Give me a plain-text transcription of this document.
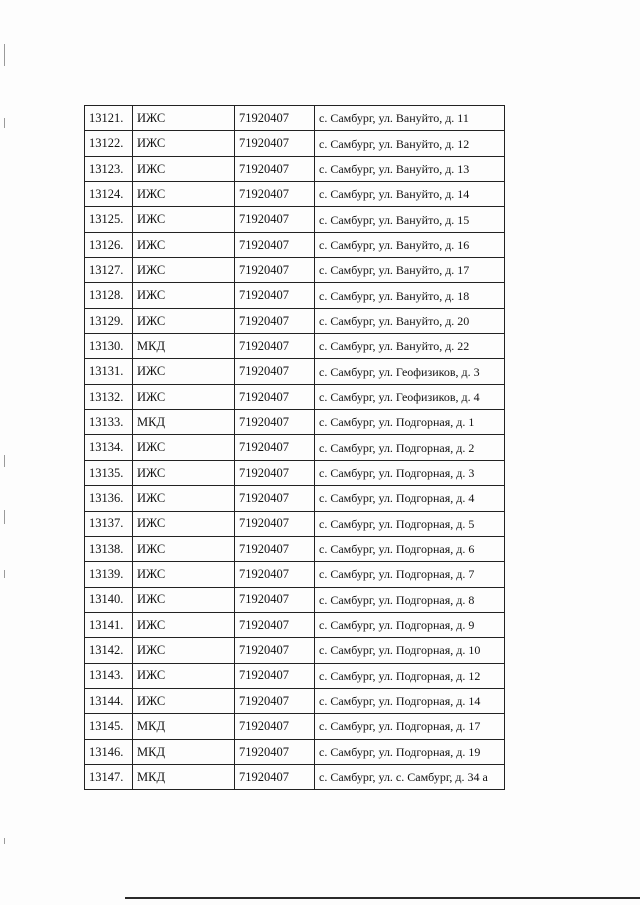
13121.	ИЖС	71920407	с. Самбург, ул. Вануйто, д. 11
13122.	ИЖС	71920407	с. Самбург, ул. Вануйто, д. 12
13123.	ИЖС	71920407	с. Самбург, ул. Вануйто, д. 13
13124.	ИЖС	71920407	с. Самбург, ул. Вануйто, д. 14
13125.	ИЖС	71920407	с. Самбург, ул. Вануйто, д. 15
13126.	ИЖС	71920407	с. Самбург, ул. Вануйто, д. 16
13127.	ИЖС	71920407	с. Самбург, ул. Вануйто, д. 17
13128.	ИЖС	71920407	с. Самбург, ул. Вануйто, д. 18
13129.	ИЖС	71920407	с. Самбург, ул. Вануйто, д. 20
13130.	МКД	71920407	с. Самбург, ул. Вануйто, д. 22
13131.	ИЖС	71920407	с. Самбург, ул. Геофизиков, д. 3
13132.	ИЖС	71920407	с. Самбург, ул. Геофизиков, д. 4
13133.	МКД	71920407	с. Самбург, ул. Подгорная, д. 1
13134.	ИЖС	71920407	с. Самбург, ул. Подгорная, д. 2
13135.	ИЖС	71920407	с. Самбург, ул. Подгорная, д. 3
13136.	ИЖС	71920407	с. Самбург, ул. Подгорная, д. 4
13137.	ИЖС	71920407	с. Самбург, ул. Подгорная, д. 5
13138.	ИЖС	71920407	с. Самбург, ул. Подгорная, д. 6
13139.	ИЖС	71920407	с. Самбург, ул. Подгорная, д. 7
13140.	ИЖС	71920407	с. Самбург, ул. Подгорная, д. 8
13141.	ИЖС	71920407	с. Самбург, ул. Подгорная, д. 9
13142.	ИЖС	71920407	с. Самбург, ул. Подгорная, д. 10
13143.	ИЖС	71920407	с. Самбург, ул. Подгорная, д. 12
13144.	ИЖС	71920407	с. Самбург, ул. Подгорная, д. 14
13145.	МКД	71920407	с. Самбург, ул. Подгорная, д. 17
13146.	МКД	71920407	с. Самбург, ул. Подгорная, д. 19
13147.	МКД	71920407	с. Самбург, ул. с. Самбург, д. 34 а
